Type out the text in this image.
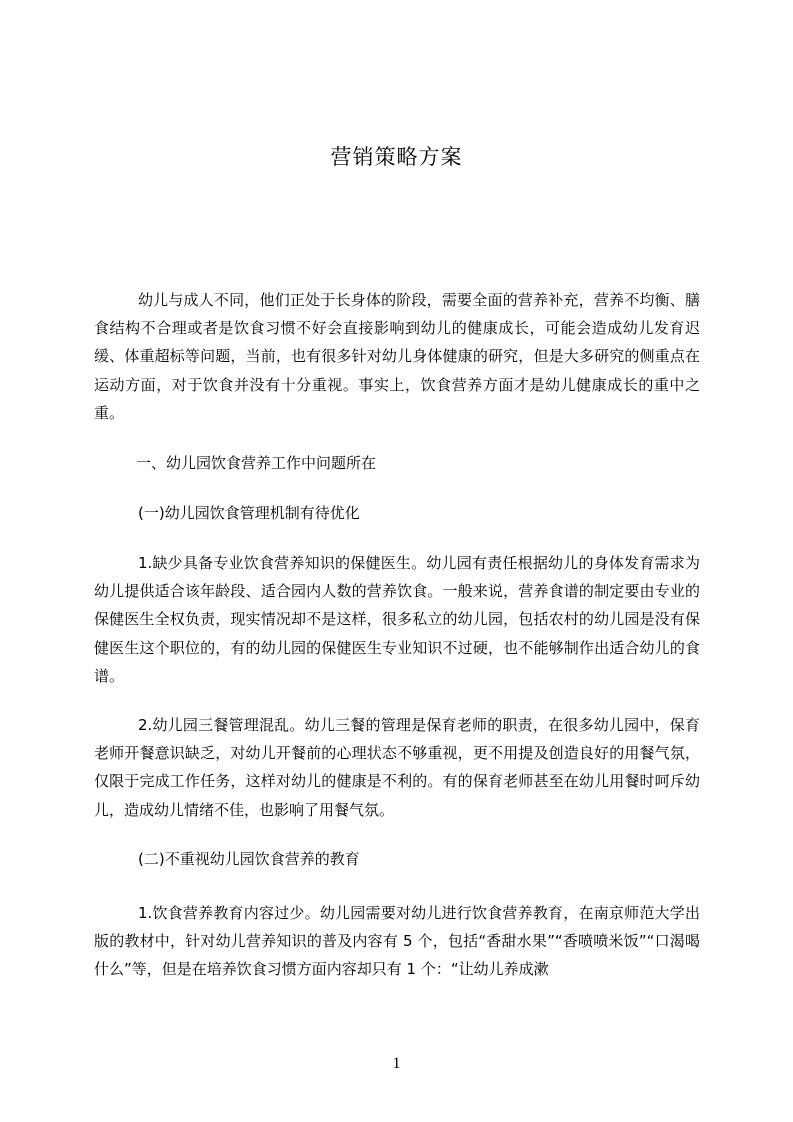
营销策略方案

幼儿与成人不同，他们正处于长身体的阶段，需要全面的营养补充，营养不均衡、膳食结构不合理或者是饮食习惯不好会直接影响到幼儿的健康成长，可能会造成幼儿发育迟缓、体重超标等问题，当前，也有很多针对幼儿身体健康的研究，但是大多研究的侧重点在运动方面，对于饮食并没有十分重视。事实上，饮食营养方面才是幼儿健康成长的重中之重。

一、幼儿园饮食营养工作中问题所在

(一)幼儿园饮食管理机制有待优化

1.缺少具备专业饮食营养知识的保健医生。幼儿园有责任根据幼儿的身体发育需求为幼儿提供适合该年龄段、适合园内人数的营养饮食。一般来说，营养食谱的制定要由专业的保健医生全权负责，现实情况却不是这样，很多私立的幼儿园，包括农村的幼儿园是没有保健医生这个职位的，有的幼儿园的保健医生专业知识不过硬，也不能够制作出适合幼儿的食谱。

2.幼儿园三餐管理混乱。幼儿三餐的管理是保育老师的职责，在很多幼儿园中，保育老师开餐意识缺乏，对幼儿开餐前的心理状态不够重视，更不用提及创造良好的用餐气氛，仅限于完成工作任务，这样对幼儿的健康是不利的。有的保育老师甚至在幼儿用餐时呵斥幼儿，造成幼儿情绪不佳，也影响了用餐气氛。

(二)不重视幼儿园饮食营养的教育

1.饮食营养教育内容过少。幼儿园需要对幼儿进行饮食营养教育，在南京师范大学出版的教材中，针对幼儿营养知识的普及内容有 5 个，包括“香甜水果”“香喷喷米饭”“口渴喝什么”等，但是在培养饮食习惯方面内容却只有 1 个：“让幼儿养成漱

1
